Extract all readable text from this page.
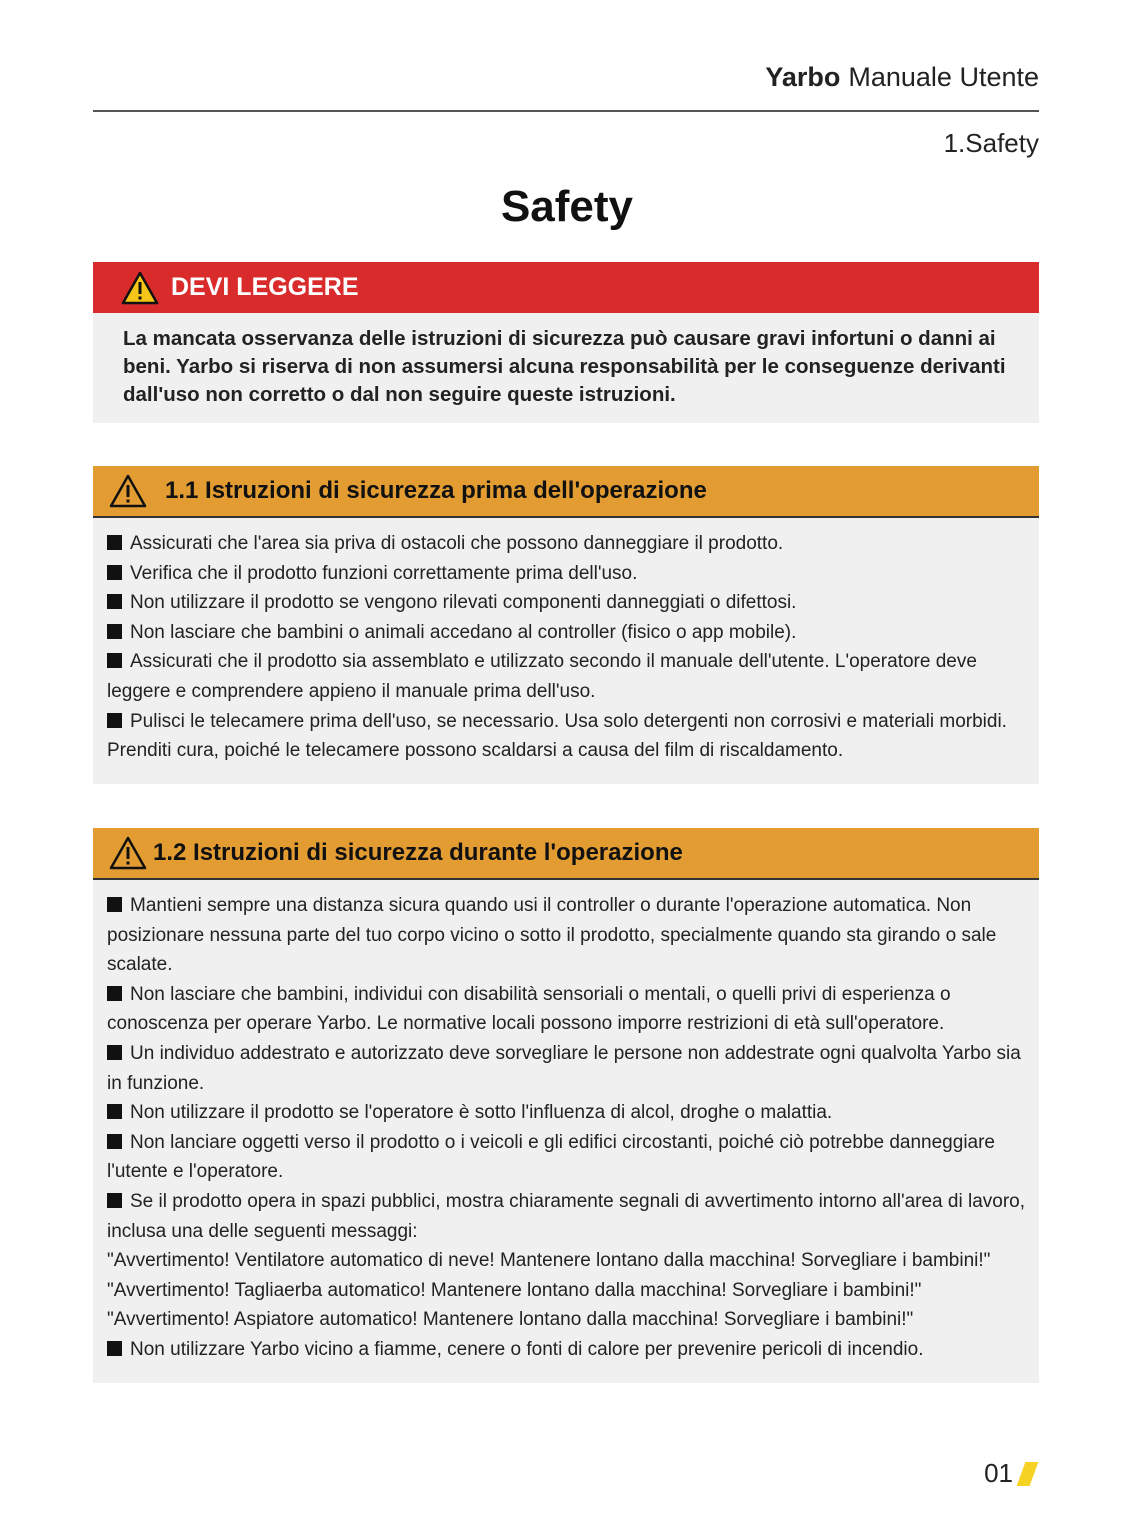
Yarbo Manuale Utente
1.Safety
Safety
DEVI LEGGERE
La mancata osservanza delle istruzioni di sicurezza può causare gravi infortuni o danni ai beni. Yarbo si riserva di non assumersi alcuna responsabilità per le conseguenze derivanti dall'uso non corretto o dal non seguire queste istruzioni.
1.1 Istruzioni di sicurezza prima dell'operazione

Assicurati che l'area sia priva di ostacoli che possono danneggiare il prodotto.

Verifica che il prodotto funzioni correttamente prima dell'uso.

Non utilizzare il prodotto se vengono rilevati componenti danneggiati o difettosi.

Non lasciare che bambini o animali accedano al controller (fisico o app mobile).

Assicurati che il prodotto sia assemblato e utilizzato secondo il manuale dell'utente. L'operatore deve leggere e comprendere appieno il manuale prima dell'uso.

Pulisci le telecamere prima dell'uso, se necessario. Usa solo detergenti non corrosivi e materiali morbidi. Prenditi cura, poiché le telecamere possono scaldarsi a causa del film di riscaldamento.

1.2 Istruzioni di sicurezza durante l'operazione

Mantieni sempre una distanza sicura quando usi il controller o durante l'operazione automatica. Non posizionare nessuna parte del tuo corpo vicino o sotto il prodotto, specialmente quando sta girando o sale scalate.

Non lasciare che bambini, individui con disabilità sensoriali o mentali, o quelli privi di esperienza o conoscenza per operare Yarbo. Le normative locali possono imporre restrizioni di età sull'operatore.

Un individuo addestrato e autorizzato deve sorvegliare le persone non addestrate ogni qualvolta Yarbo sia in funzione.

Non utilizzare il prodotto se l'operatore è sotto l'influenza di alcol, droghe o malattia.

Non lanciare oggetti verso il prodotto o i veicoli e gli edifici circostanti, poiché ciò potrebbe danneggiare l'utente e l'operatore.

Se il prodotto opera in spazi pubblici, mostra chiaramente segnali di avvertimento intorno all'area di lavoro, inclusa una delle seguenti messaggi:

"Avvertimento! Ventilatore automatico di neve! Mantenere lontano dalla macchina! Sorvegliare i bambini!"

"Avvertimento! Tagliaerba automatico! Mantenere lontano dalla macchina! Sorvegliare i bambini!"

"Avvertimento! Aspiatore automatico! Mantenere lontano dalla macchina! Sorvegliare i bambini!"

Non utilizzare Yarbo vicino a fiamme, cenere o fonti di calore per prevenire pericoli di incendio.

01
